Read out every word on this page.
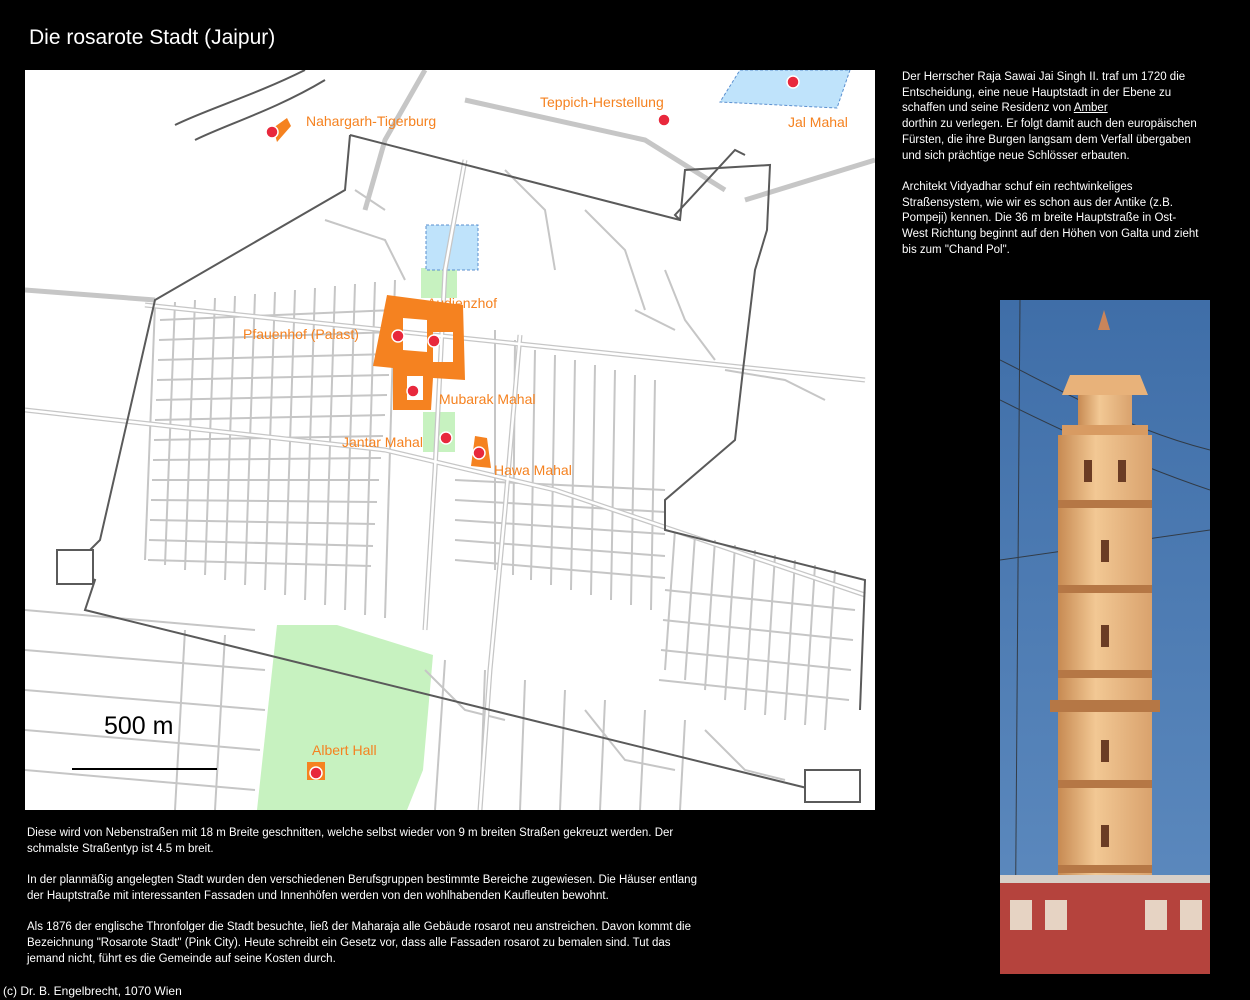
Die rosarote Stadt (Jaipur)
Nahargarh-Tigerburg
Teppich-Herstellung
Jal Mahal
Audienzhof
Pfauenhof (Palast)
Mubarak Mahal
Jantar Mahal
Hawa Mahal
Albert Hall
500 m

Der Herrscher Raja Sawai Jai Singh II. traf um 1720 die Entscheidung, eine neue Hauptstadt in der Ebene zu schaffen und seine Residenz von Amber
dorthin zu verlegen. Er folgt damit auch den europäischen Fürsten, die ihre Burgen langsam dem Verfall übergaben und sich prächtige neue Schlösser erbauten.

Architekt Vidyadhar schuf ein rechtwinkeliges Straßensystem, wie wir es schon aus der Antike (z.B. Pompeji) kennen. Die 36 m breite Hauptstraße in Ost-West Richtung beginnt auf den Höhen von Galta und zieht bis zum "Chand Pol".

Diese wird von Nebenstraßen mit 18 m Breite geschnitten, welche selbst wieder von 9 m breiten Straßen gekreuzt werden. Der schmalste Straßentyp ist 4.5 m breit.

In der planmäßig angelegten Stadt wurden den verschiedenen Berufsgruppen bestimmte Bereiche zugewiesen. Die Häuser entlang der Hauptstraße mit interessanten Fassaden und Innenhöfen werden von den wohlhabenden Kaufleuten bewohnt.

Als 1876 der englische Thronfolger die Stadt besuchte, ließ der Maharaja alle Gebäude rosarot neu anstreichen. Davon kommt die Bezeichnung "Rosarote Stadt" (Pink City). Heute schreibt ein Gesetz vor, dass alle Fassaden rosarot zu bemalen sind. Tut das jemand nicht, führt es die Gemeinde auf seine Kosten durch.

(c) Dr. B. Engelbrecht, 1070 Wien
